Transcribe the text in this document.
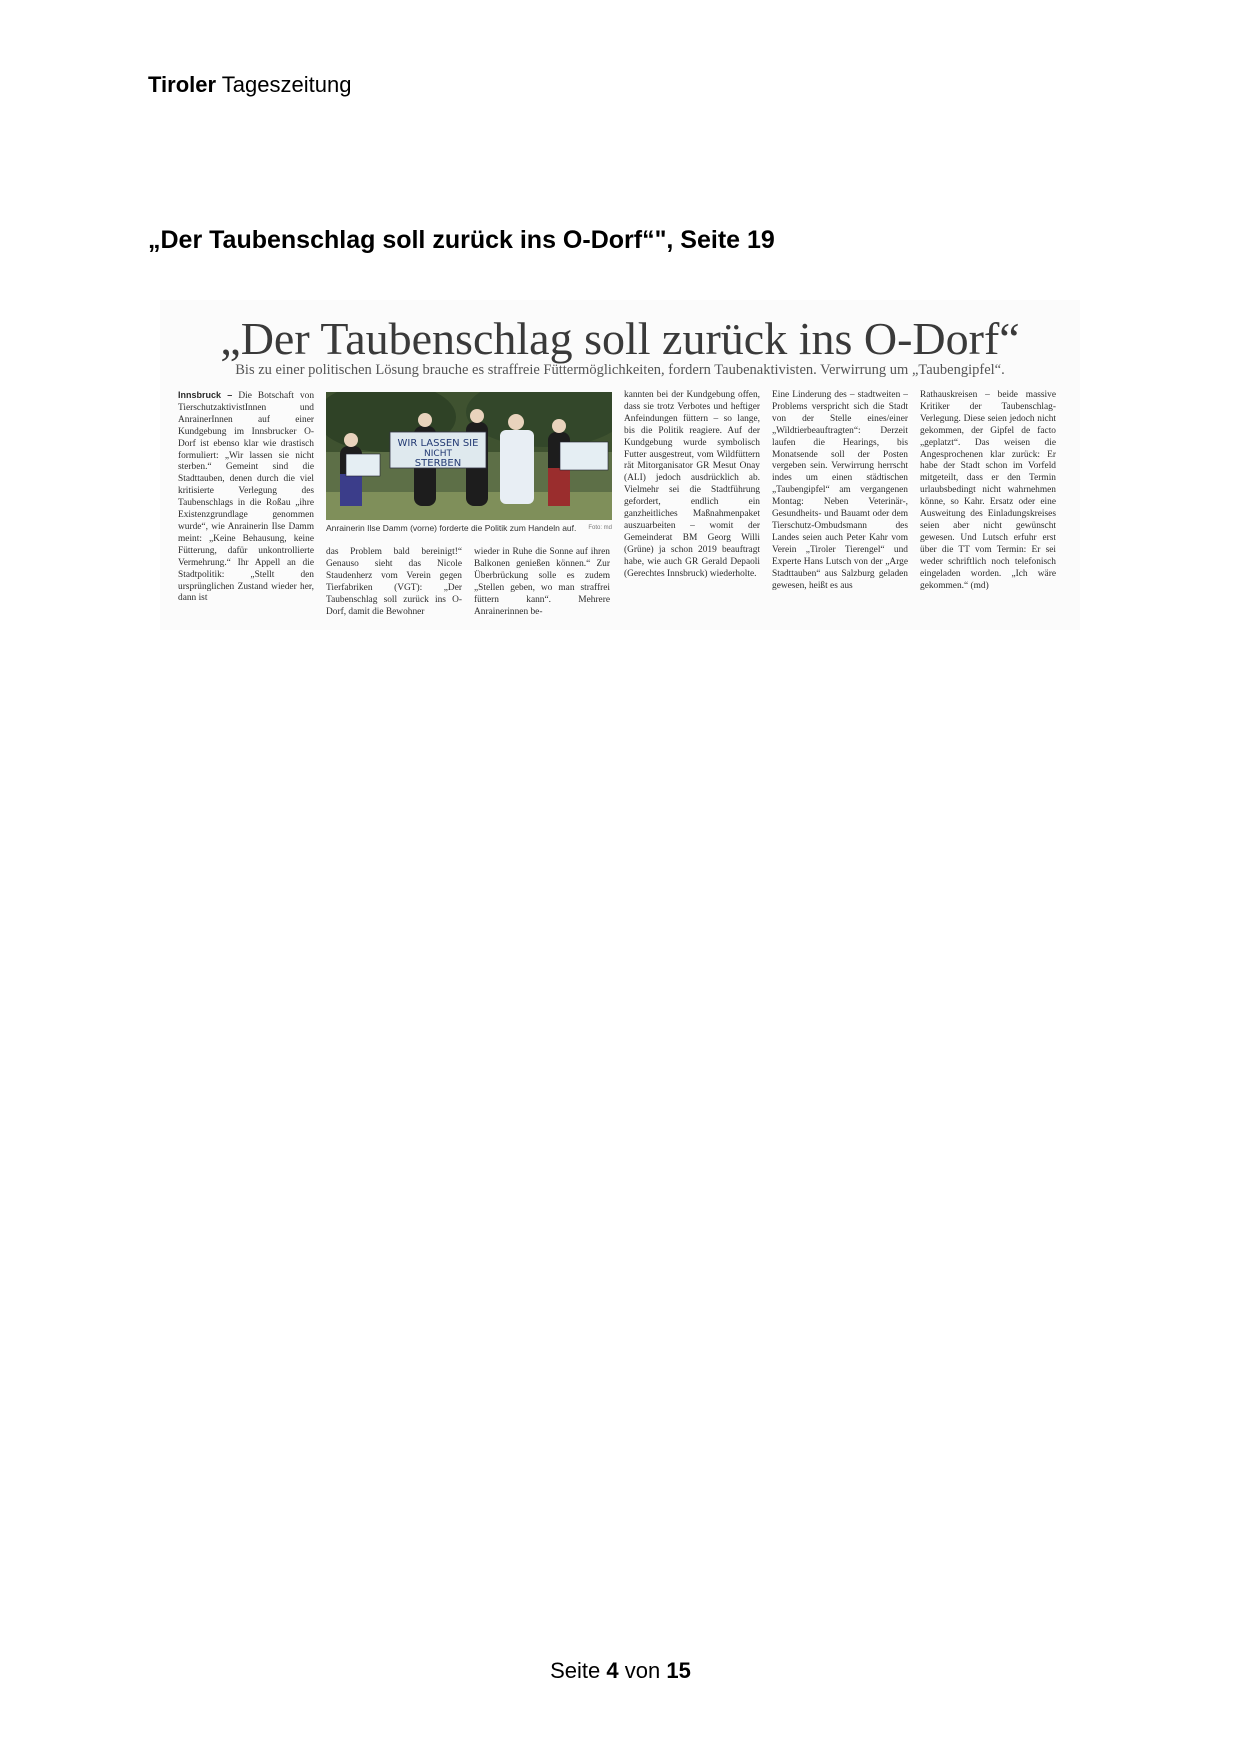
Tiroler Tageszeitung
„Der Taubenschlag soll zurück ins O-Dorf“", Seite 19
„Der Taubenschlag soll zurück ins O-Dorf“
Bis zu einer politischen Lösung brauche es straffreie Füttermöglichkeiten, fordern Taubenaktivisten. Verwirrung um „Taubengipfel“.

Innsbruck – Die Botschaft von TierschutzaktivistInnen und AnrainerInnen auf einer Kundgebung im Innsbrucker O-Dorf ist ebenso klar wie drastisch formuliert: „Wir lassen sie nicht sterben.“ Gemeint sind die Stadttauben, denen durch die viel kritisierte Verlegung des Taubenschlags in die Roßau „ihre Existenzgrundlage genommen wurde“, wie Anrainerin Ilse Damm meint: „Keine Behausung, keine Fütterung, dafür unkontrollierte Vermehrung.“ Ihr Appell an die Stadtpolitik: „Stellt den ursprünglichen Zustand wieder her, dann ist

WIR LASSEN SIE
NICHT
STERBEN
Anrainerin Ilse Damm (vorne) forderte die Politik zum Handeln auf. Foto: md

das Problem bald bereinigt!“ Genauso sieht das Nicole Staudenherz vom Verein gegen Tierfabriken (VGT): „Der Taubenschlag soll zurück ins O-Dorf, damit die Bewohner

wieder in Ruhe die Sonne auf ihren Balkonen genießen können.“ Zur Überbrückung solle es zudem „Stellen geben, wo man straffrei füttern kann“. Mehrere Anrainerinnen be-

kannten bei der Kundgebung offen, dass sie trotz Verbotes und heftiger Anfeindungen füttern – so lange, bis die Politik reagiere. Auf der Kundgebung wurde symbolisch Futter ausgestreut, vom Wildfüttern rät Mitorganisator GR Mesut Onay (ALI) jedoch ausdrücklich ab. Vielmehr sei die Stadtführung gefordert, endlich ein ganzheitliches Maßnahmenpaket auszuarbeiten – womit der Gemeinderat BM Georg Willi (Grüne) ja schon 2019 beauftragt habe, wie auch GR Gerald Depaoli (Gerechtes Innsbruck) wiederholte.

Eine Linderung des – stadtweiten – Problems verspricht sich die Stadt von der Stelle eines/einer „Wildtierbeauftragten“: Derzeit laufen die Hearings, bis Monatsende soll der Posten vergeben sein. Verwirrung herrscht indes um einen städtischen „Taubengipfel“ am vergangenen Montag: Neben Veterinär-, Gesundheits- und Bauamt oder dem Tierschutz-Ombudsmann des Landes seien auch Peter Kahr vom Verein „Tiroler Tierengel“ und Experte Hans Lutsch von der „Arge Stadttauben“ aus Salzburg geladen gewesen, heißt es aus

Rathauskreisen – beide massive Kritiker der Taubenschlag-Verlegung. Diese seien jedoch nicht gekommen, der Gipfel de facto „geplatzt“. Das weisen die Angesprochenen klar zurück: Er habe der Stadt schon im Vorfeld mitgeteilt, dass er den Termin urlaubsbedingt nicht wahrnehmen könne, so Kahr. Ersatz oder eine Ausweitung des Einladungskreises seien aber nicht gewünscht gewesen. Und Lutsch erfuhr erst über die TT vom Termin: Er sei weder schriftlich noch telefonisch eingeladen worden. „Ich wäre gekommen.“ (md)

Seite 4 von 15
